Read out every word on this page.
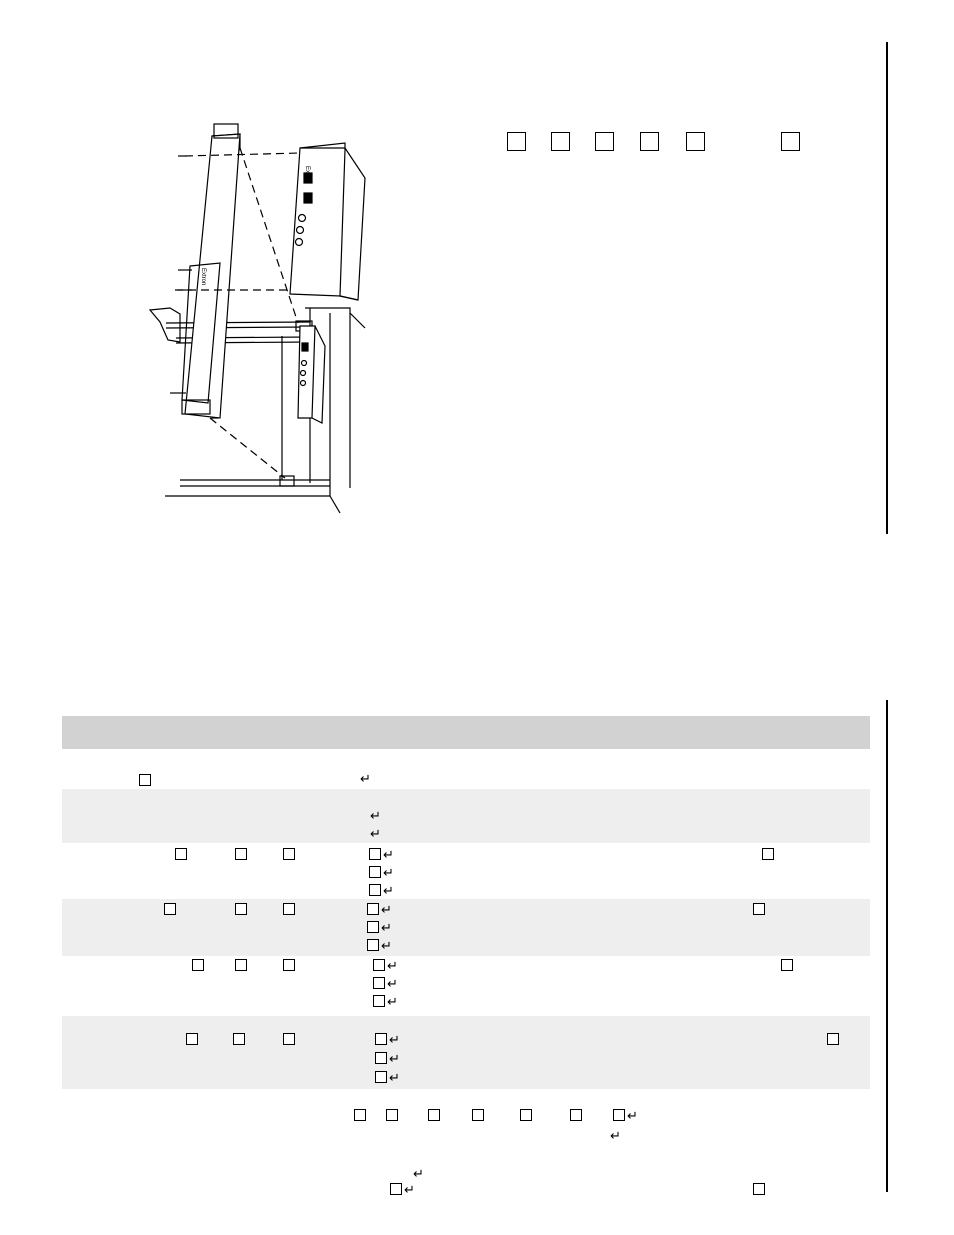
Extron
Extron
↵
↵
↵
↵
↵
↵
↵
↵
↵
↵
↵
↵
↵
↵
↵
↵
↵
↵
↵
